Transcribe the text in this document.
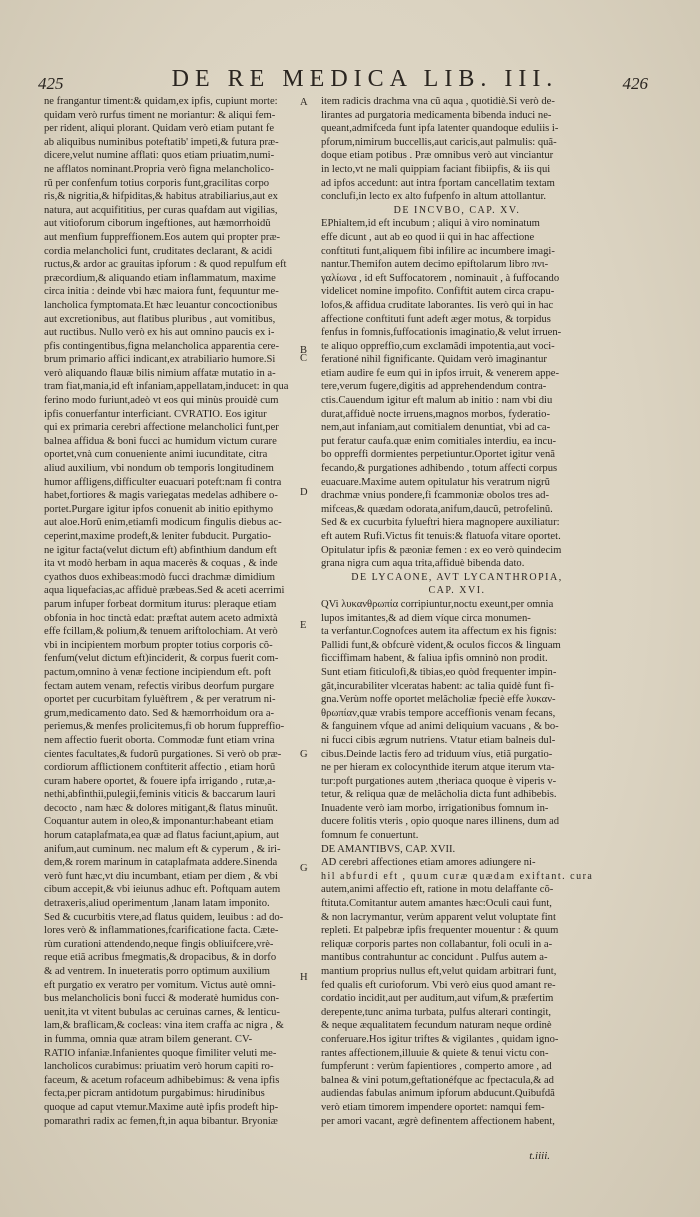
425	DE RE MEDICA LIB. III.	426
ne frangantur timent:& quidam,ex ipfis, cupiunt morte:
quidam verò rurfus timent ne moriantur: & aliqui fem-
per rident, aliqui plorant. Quidam verò etiam putant fe
ab aliquibus numinibus poteftatib' impeti,& futura præ-
dicere,velut numine afflati: quos etiam priuatim,numi-
ne afflatos nominant.Propria verò figna melancholico-
rũ per confenfum totius corporis funt,gracilitas corpo
ris,& nigritia,& hifpiditas,& habitus atrabiliarius,aut ex
natura, aut acquifititius, per curas quafdam aut vigilias,
aut vitioforum ciborum ingeftiones, aut hæmorrhoidũ
aut menfium fuppreffionem.Eos autem qui propter præ-
cordia melancholici funt, cruditates declarant, & acidi
ructus,& ardor ac grauitas ipforum : & quod repulfum eft
præcordium,& aliquando etiam inflammatum, maxime
circa initia : deinde vbi hæc maiora funt, fequuntur me-
lancholica fymptomata.Et hæc leuantur concoctionibus
aut excretionibus, aut flatibus pluribus , aut vomitibus,
aut ructibus. Nullo verò ex his aut omnino paucis ex i-
pfis contingentibus,figna melancholica apparentia cere-
brum primario affici indicant,ex atrabiliario humore.Si
verò aliquando flauæ bilis nimium affatæ mutatio in a-
tram fiat,mania,id eft infaniam,appellatam,inducet: in qua
ferino modo furiunt,adeò vt eos qui minùs prouidè cum
ipfis conuerfantur interficiant. CVRATIO. Eos igitur
qui ex primaria cerebri affectione melancholici funt,per
balnea affidua & boni fucci ac humidum victum curare
oportet,vnà cum conueniente animi iucunditate, citra
aliud auxilium, vbi nondum ob temporis longitudinem
humor affligens,difficulter euacuari poteft:nam fi contra
habet,fortiores & magis variegatas medelas adhibere o-
portet.Purgare igitur ipfos conuenit ab initio epithymo
aut aloe.Horũ enim,etiamfi modicum fingulis diebus ac-
ceperint,maxime prodeft,& leniter fubducit. Purgatio-
ne igitur facta(velut dictum eft) abfinthium dandum eft
ita vt modò herbam in aqua macerès & coquas , & inde
cyathos duos exhibeas:modò fucci drachmæ dimidium
aqua liquefacias,ac affiduè præbeas.Sed & aceti acerrimi
parum infuper forbeat dormitum iturus: pleraque etiam
obfonia in hoc tinctà edat: præftat autem aceto admixtà
effe fcillam,& polium,& tenuem ariftolochiam. At verò
vbi in incipientem morbum propter totius corporis cõ-
fenfum(velut dictum eft)inciderit, & corpus fuerit com-
pactum,omnino à venæ fectione incipiendum eft. poft
fectam autem venam, refectis viribus deorfum purgare
oportet per cucurbitam fyluèftrem , & per veratrum ni-
grum,medicamento dato. Sed & hæmorrhoidum ora a-
periemus,& menfes prolicitemus,fi ob horum fuppreffio-
nem affectio fuerit oborta. Commodæ funt etiam vrina
cientes facultates,& fudorũ purgationes. Si verò ob præ-
cordiorum afflictionem conftiterit affectio , etiam horũ
curam habere oportet, & fouere ipfa irrigando , rutæ,a-
nethi,abfinthii,pulegii,feminis viticis & baccarum lauri
decocto , nam hæc & dolores mitigant,& flatus minuũt.
Coquantur autem in oleo,& imponantur:habeant etiam
horum cataplafmata,ea quæ ad flatus faciunt,apium, aut
anifum,aut cuminum. nec malum eft & cyperum , & iri-
dem,& rorem marinum in cataplafmata addere.Sinenda
verò funt hæc,vt diu incumbant, etiam per diem , & vbi
cibum accepit,& vbi ieiunus adhuc eft. Poftquam autem
detraxeris,aliud operimentum ,lanam latam imponito.
Sed & cucurbitis vtere,ad flatus quidem, leuibus : ad do-
lores verò & inflammationes,fcarificatione facta. Cæte-
rùm curationi attendendo,neque fingis obliuifcere,vrè-
reque etiã acribus fmegmatis,& dropacibus, & in dorfo
& ad ventrem. In inueteratis porro optimum auxilium
eft purgatio ex veratro per vomitum. Victus autè omni-
bus melancholicis boni fucci & moderatè humidus con-
uenit,ita vt vitent bubulas ac ceruinas carnes, & lenticu-
lam,& braflicam,& cocleas: vina item craffa ac nigra , &
in fumma, omnia quæ atram bilem generant. CV-
RATIO infaniæ.Infanientes quoque fimiliter veluti me-
lancholicos curabimus: priuatim verò horum capiti ro-
faceum, & acetum rofaceum adhibebimus: & vena ipfis
fecta,per picram antidotum purgabimus: hirudinibus
quoque ad caput vtemur.Maxime autè ipfis prodeft hip-
pomarathri radix ac femen,ft,in aqua bibantur. Bryoniæ
A
B
C
D
E
G
G
H
item radicis drachma vna cũ aqua , quotidiè.Si verò de-
lirantes ad purgatoria medicamenta bibenda induci ne-
queant,admifceda funt ipfa latenter quandoque eduliis i-
pforum,nimirum buccellis,aut caricis,aut palmulis: quã-
doque etiam potibus . Præ omnibus verò aut vinciantur
in lecto,vt ne mali quippiam faciant fibiipfis, & iis qui
ad ipfos accedunt: aut intra fportam cancellatim textam
conclufi,in lecto ex alto fufpenfo in altum attollantur.
DE INCVBO, CAP. XV.
EPhialtem,id eft incubum ; aliqui à viro nominatum
effe dicunt , aut ab eo quod ii qui in hac affectione
conftituti funt,aliquem fibi infilire ac incumbere imagi-
nantur.Themifon autem decimo epiftolarum libro πνι-
γαλίωνα , id eft Suffocatorem , nominauit , à fuffocando
videlicet nomine impofito. Confiftit autem circa crapu-
lofos,& affidua cruditate laborantes. Iis verò qui in hac
affectione conftituti funt adeft æger motus, & torpidus
fenfus in fomnis,fuffocationis imaginatio,& velut irruen-
te aliquo oppreffio,cum exclamãdi impotentia,aut voci-
ferationé nihil fignificante. Quidam verò imaginantur
etiam audire fe eum qui in ipfos irruit, & venerem appe-
tere,verum fugere,digitis ad apprehendendum contra-
ctis.Cauendum igitur eft malum ab initio : nam vbi diu
durat,affiduè nocte irruens,magnos morbos, fyderatio-
nem,aut infaniam,aut comitialem denuntiat, vbi ad ca-
put feratur caufa.quæ enim comitiales interdiu, ea incu-
bo oppreffi dormientes perpetiuntur.Oportet igitur venã
fecando,& purgationes adhibendo , totum affecti corpus
euacuare.Maxime autem opitulatur his veratrum nigrũ
drachmæ vnius pondere,fi fcammoniæ obolos tres ad-
mifceas,& quædam odorata,anifum,daucũ, petrofelinũ.
Sed & ex cucurbita fylueftri hiera magnopere auxiliatur:
eft autem Rufi.Victus fit tenuis:& flatuofa vitare oportet.
Opitulatur ipfis & pæoniæ femen : ex eo verò quindecim
grana nigra cum aqua trita,affiduè bibenda dato.
DE LYCAONE, AVT LYCANTHROPIA,
CAP. XVI.
QVi λυκανθρωπία corripiuntur,noctu exeunt,per omnia
lupos imitantes,& ad diem víque circa monumen-
ta verfantur.Cognofces autem ita affectum ex his fignis:
Pallidi funt,& obfcurè vident,& oculos ficcos & linguam
ficciffimam habent, & faliua ipfis omninò non prodit.
Sunt etiam fiticulofi,& tibias,eo quòd frequenter impin-
gãt,incurabiliter vlceratas habent: ac talia quidè funt fi-
gna.Verùm noffe oportet melãcholiæ fpeciè effe λυκαν-
θρωπίαν,quæ vrabis tempore acceffionis venam fecans,
& fanguinem vfque ad animi deliquium vacuans , & bo-
ni fucci cibis ægrum nutriens. Vtatur etiam balneis dul-
cibus.Deinde lactis fero ad triduum víus, etiã purgatio-
ne per hieram ex colocynthide iterum atque iterum vta-
tur:poft purgationes autem ,theriaca quoque è viperis v-
tetur, & reliqua quæ de melãcholia dicta funt adhibebis.
Inuadente verò iam morbo, irrigationibus fomnum in-
ducere folitis vteris , opio quoque nares illinens, dum ad
fomnum fe conuertunt.
DE AMANTIBVS, CAP. XVII.
AD cerebri affectiones etiam amores adiungere ni-
hil abfurdi eft , quum curæ quædam exiftant. cura
autem,animi affectio eft, ratione in motu delaffante cõ-
ftituta.Comitantur autem amantes hæc:Oculi cauì funt,
& non lacrymantur, verùm apparent velut voluptate fint
repleti. Et palpebræ ipfis frequenter mouentur : & quum
reliquæ corporis partes non collabantur, foli oculi in a-
mantibus contrahuntur ac concidunt . Pulfus autem a-
mantium proprius nullus eft,velut quidam arbitrari funt,
fed qualis eft curioforum. Vbi verò eius quod amant re-
cordatio incidit,aut per auditum,aut vifum,& præfertim
derepente,tunc anima turbata, pulfus alterari contingit,
& neque æqualitatem fecundum naturam neque ordinè
conferuare.Hos igitur triftes & vigilantes , quidam igno-
rantes affectionem,illuuie & quiete & tenui victu con-
fumpferunt : verùm fapientiores , comperto amore , ad
balnea & vini potum,geftationéfque ac fpectacula,& ad
audiendas fabulas animum ipforum abducunt.Quibufdã
verò etiam timorem impendere oportet: namqui fem-
per amori vacant, ægrè definentem affectionem habent,
t.iiii.
